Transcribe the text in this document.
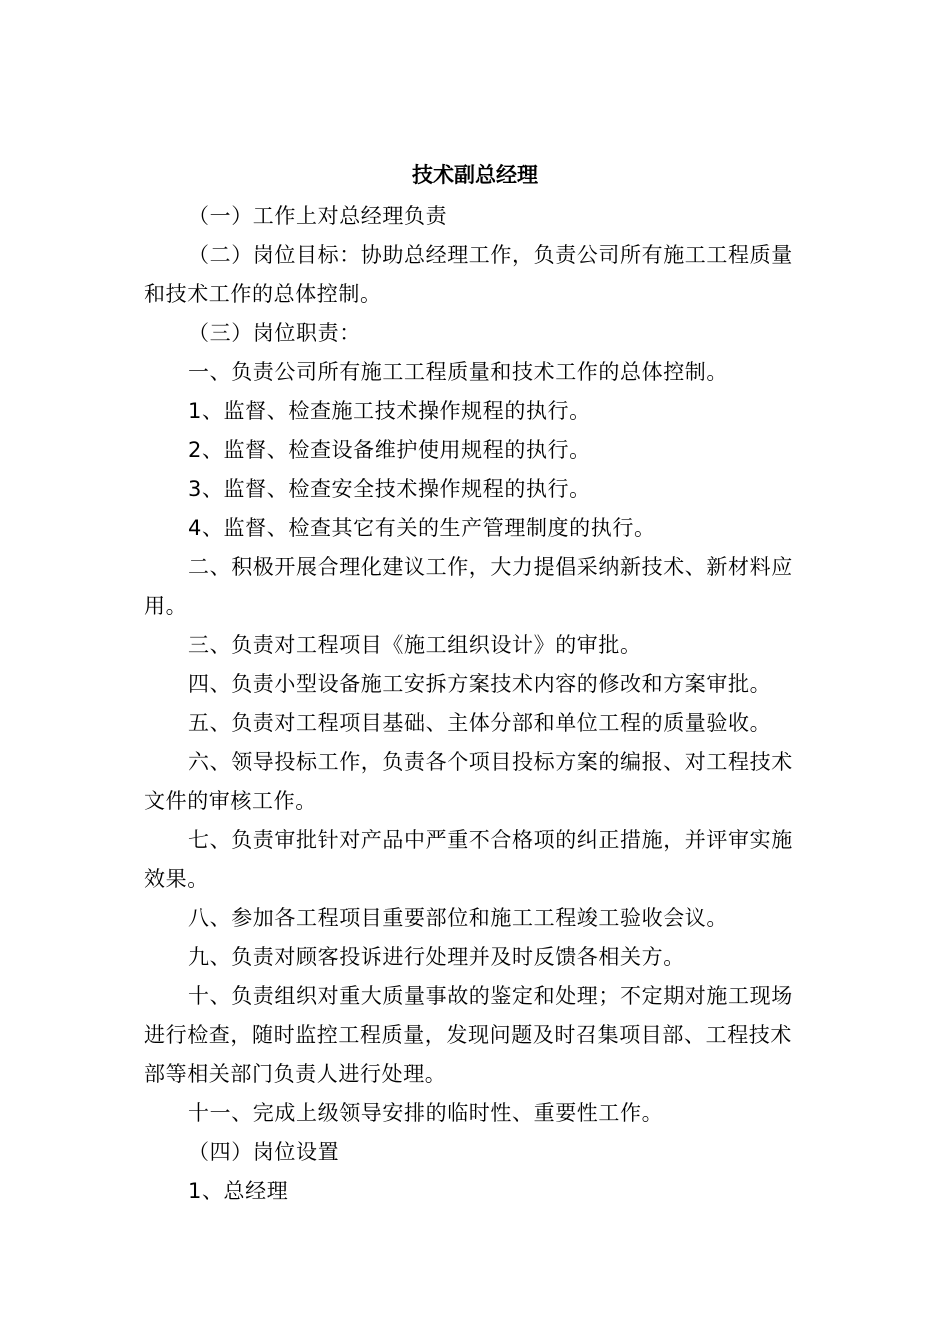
技术副总经理

（一）工作上对总经理负责

（二）岗位目标：协助总经理工作，负责公司所有施工工程质量和技术工作的总体控制。

（三）岗位职责：

一、负责公司所有施工工程质量和技术工作的总体控制。

1、监督、检查施工技术操作规程的执行。

2、监督、检查设备维护使用规程的执行。

3、监督、检查安全技术操作规程的执行。

4、监督、检查其它有关的生产管理制度的执行。

二、积极开展合理化建议工作，大力提倡采纳新技术、新材料应用。

三、负责对工程项目《施工组织设计》的审批。

四、负责小型设备施工安拆方案技术内容的修改和方案审批。

五、负责对工程项目基础、主体分部和单位工程的质量验收。

六、领导投标工作，负责各个项目投标方案的编报、对工程技术文件的审核工作。

七、负责审批针对产品中严重不合格项的纠正措施，并评审实施效果。

八、参加各工程项目重要部位和施工工程竣工验收会议。

九、负责对顾客投诉进行处理并及时反馈各相关方。

十、负责组织对重大质量事故的鉴定和处理；不定期对施工现场进行检查，随时监控工程质量，发现问题及时召集项目部、工程技术部等相关部门负责人进行处理。

十一、完成上级领导安排的临时性、重要性工作。

（四）岗位设置

1、总经理
